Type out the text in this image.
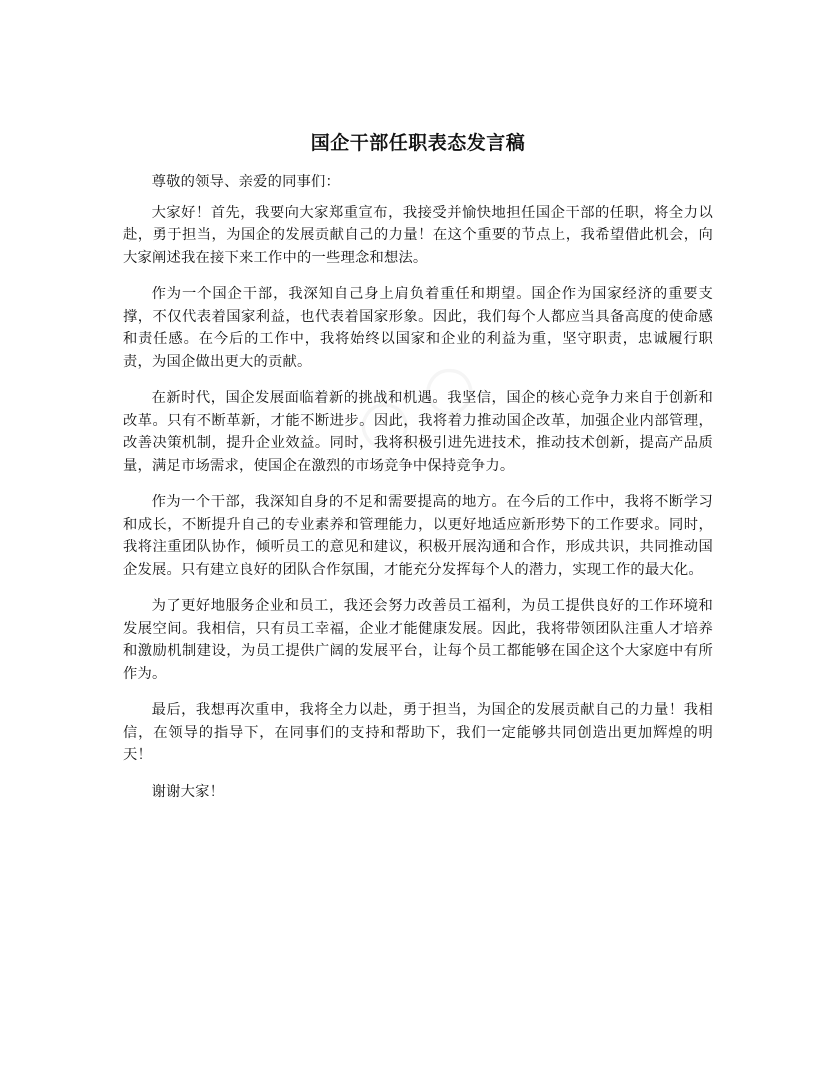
○ ○
国企干部任职表态发言稿

尊敬的领导、亲爱的同事们：

大家好！首先，我要向大家郑重宣布，我接受并愉快地担任国企干部的任职，将全力以赴，勇于担当，为国企的发展贡献自己的力量！在这个重要的节点上，我希望借此机会，向大家阐述我在接下来工作中的一些理念和想法。

作为一个国企干部，我深知自己身上肩负着重任和期望。国企作为国家经济的重要支撑，不仅代表着国家利益，也代表着国家形象。因此，我们每个人都应当具备高度的使命感和责任感。在今后的工作中，我将始终以国家和企业的利益为重，坚守职责，忠诚履行职责，为国企做出更大的贡献。

在新时代，国企发展面临着新的挑战和机遇。我坚信，国企的核心竞争力来自于创新和改革。只有不断革新，才能不断进步。因此，我将着力推动国企改革，加强企业内部管理，改善决策机制，提升企业效益。同时，我将积极引进先进技术，推动技术创新，提高产品质量，满足市场需求，使国企在激烈的市场竞争中保持竞争力。

作为一个干部，我深知自身的不足和需要提高的地方。在今后的工作中，我将不断学习和成长，不断提升自己的专业素养和管理能力，以更好地适应新形势下的工作要求。同时，我将注重团队协作，倾听员工的意见和建议，积极开展沟通和合作，形成共识，共同推动国企发展。只有建立良好的团队合作氛围，才能充分发挥每个人的潜力，实现工作的最大化。

为了更好地服务企业和员工，我还会努力改善员工福利，为员工提供良好的工作环境和发展空间。我相信，只有员工幸福，企业才能健康发展。因此，我将带领团队注重人才培养和激励机制建设，为员工提供广阔的发展平台，让每个员工都能够在国企这个大家庭中有所作为。

最后，我想再次重申，我将全力以赴，勇于担当，为国企的发展贡献自己的力量！我相信，在领导的指导下，在同事们的支持和帮助下，我们一定能够共同创造出更加辉煌的明天！

谢谢大家！
